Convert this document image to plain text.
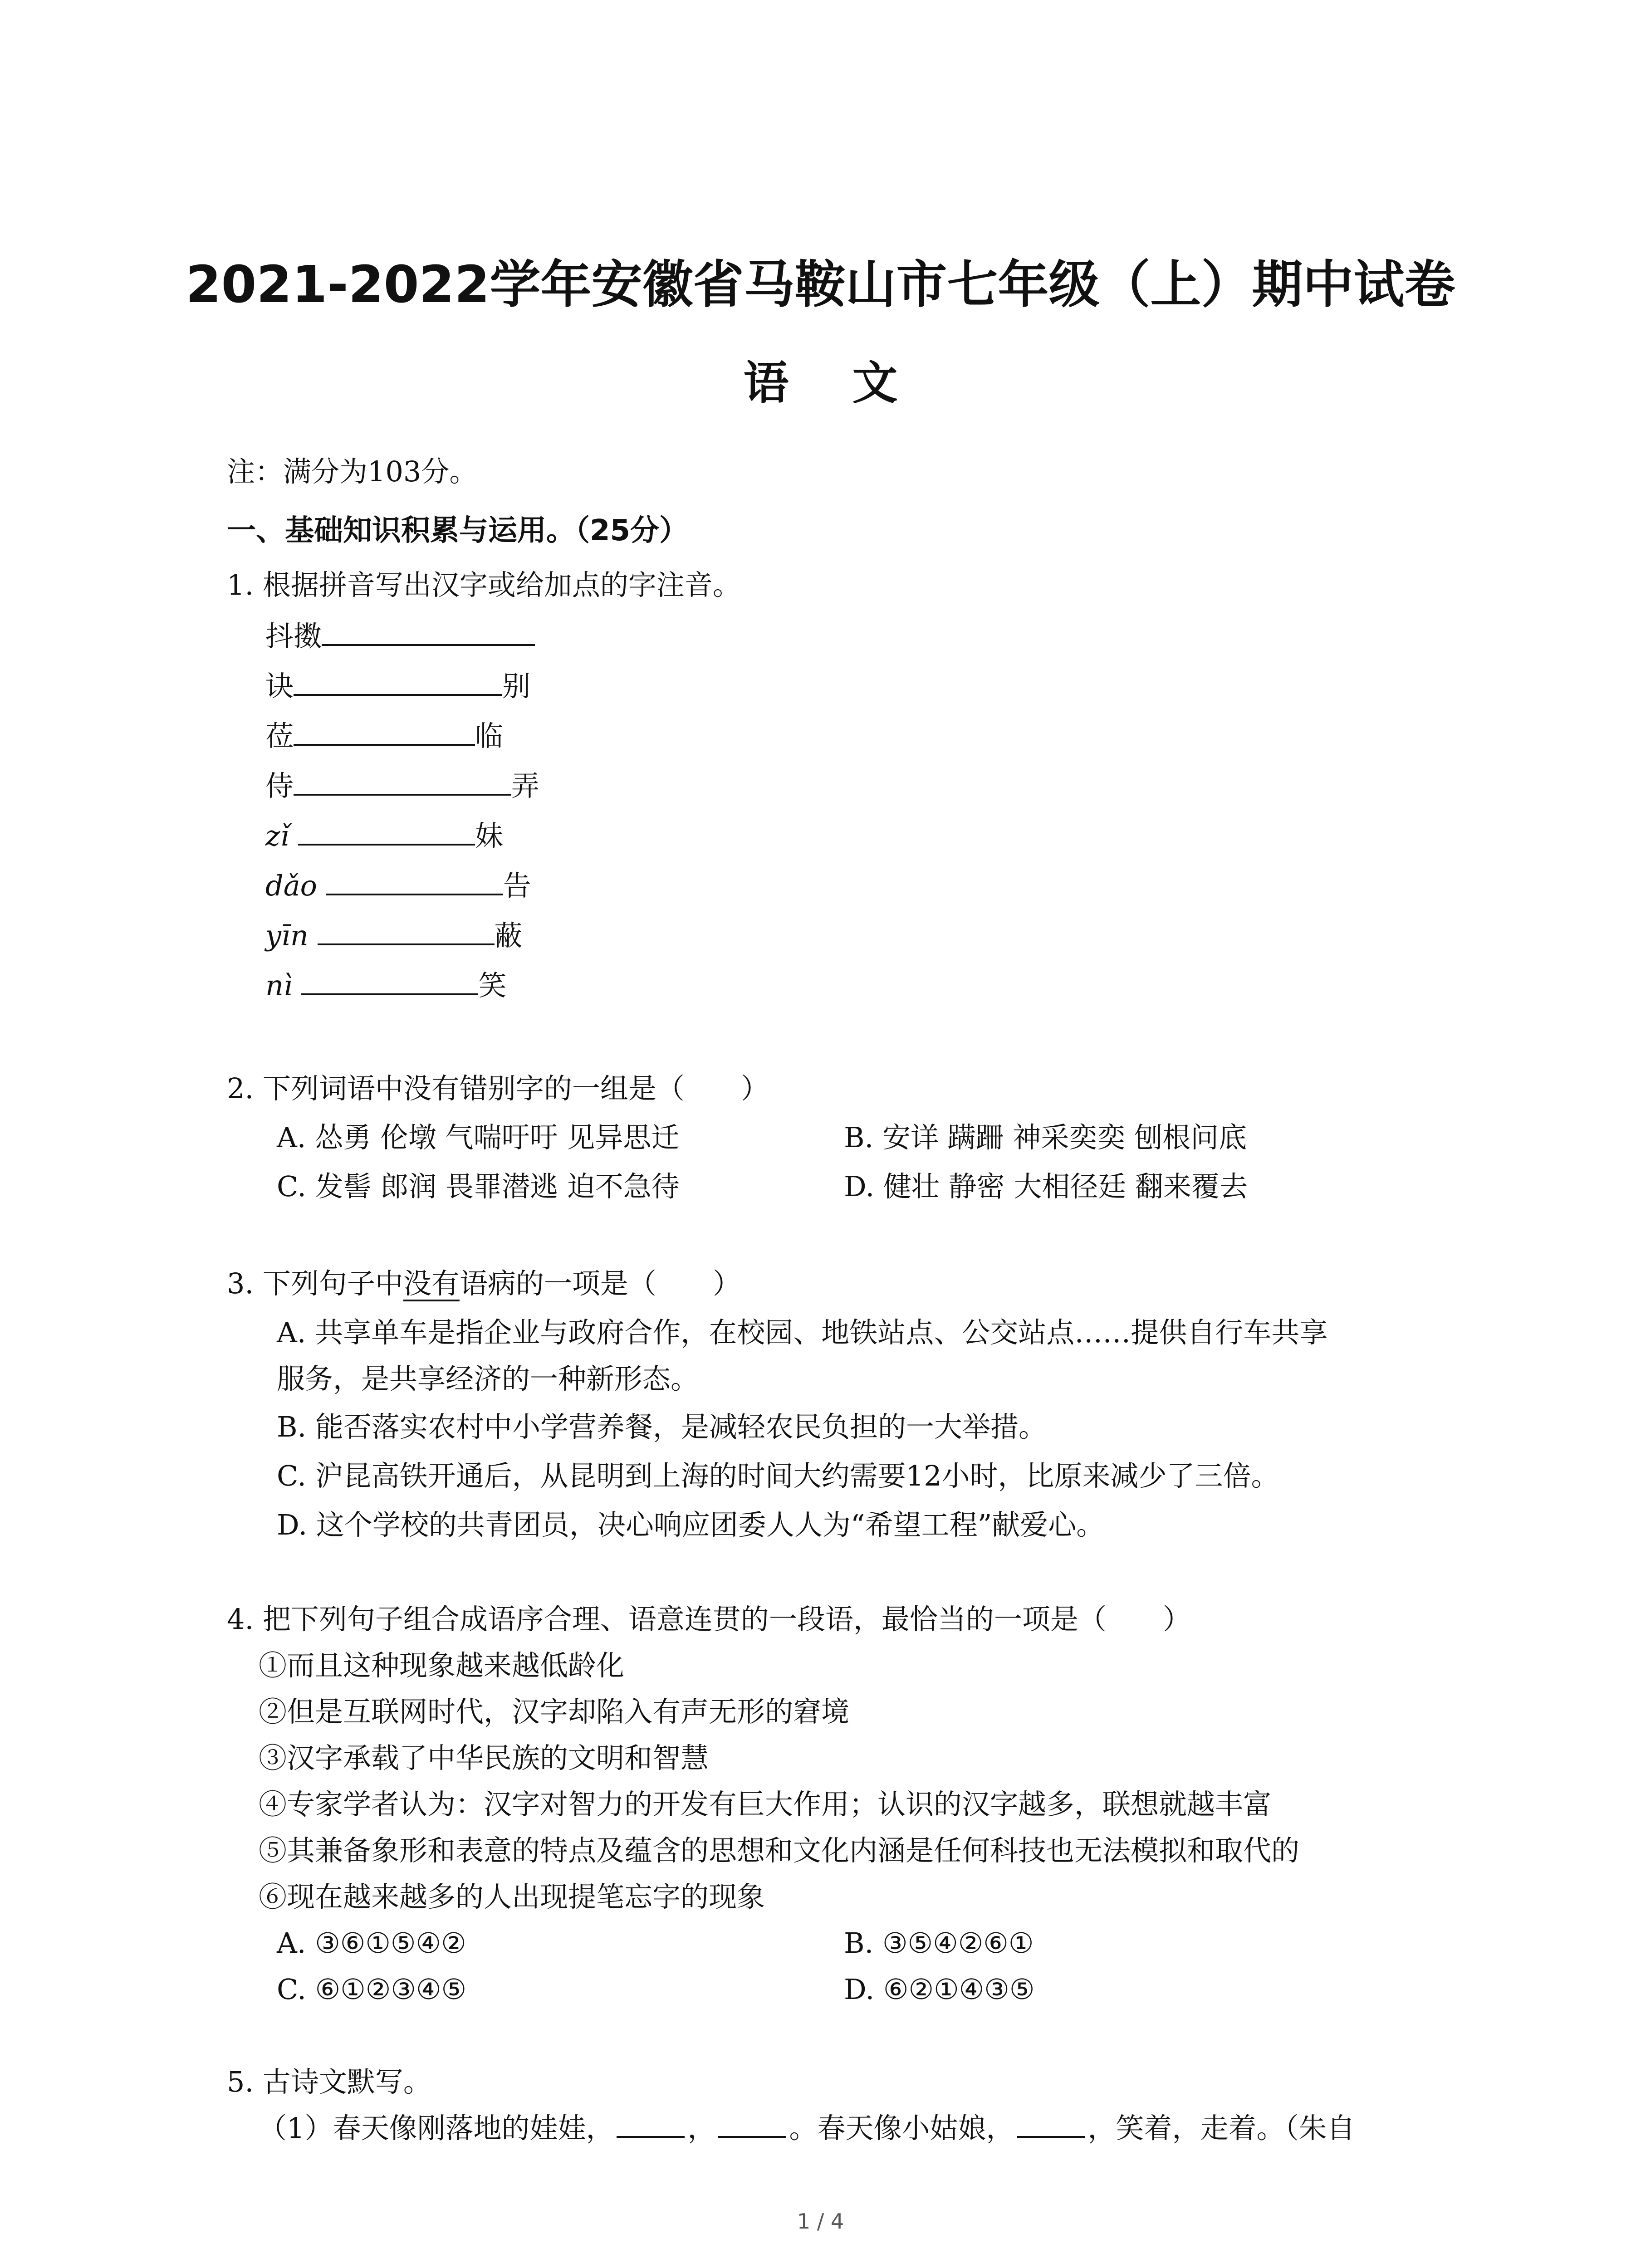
2021-2022学年安徽省马鞍山市七年级（上）期中试卷
语文
注：满分为103分。
一、基础知识积累与运用。（25分）
1. 根据拼音写出汉字或给加点的字注音。
抖擞
诀	别
莅	临
侍	弄
zǐ	妹
dǎo	告
yīn	蔽
nì	笑
2. 下列词语中没有错别字的一组是（　　）
A. 怂勇 伦墩 气喘吁吁 见异思迁	B. 安详 蹒跚 神采奕奕 刨根问底
C. 发髻 郎润 畏罪潜逃 迫不急待	D. 健壮 静密 大相径廷 翻来覆去
3. 下列句子中没有语病的一项是（　　）
A. 共享单车是指企业与政府合作，在校园、地铁站点、公交站点……提供自行车共享
服务，是共享经济的一种新形态。
B. 能否落实农村中小学营养餐，是减轻农民负担的一大举措。
C. 沪昆高铁开通后，从昆明到上海的时间大约需要12小时，比原来减少了三倍。
D. 这个学校的共青团员，决心响应团委人人为“希望工程”献爱心。
4. 把下列句子组合成语序合理、语意连贯的一段语，最恰当的一项是（　　）
①而且这种现象越来越低龄化
②但是互联网时代，汉字却陷入有声无形的窘境
③汉字承载了中华民族的文明和智慧
④专家学者认为：汉字对智力的开发有巨大作用；认识的汉字越多，联想就越丰富
⑤其兼备象形和表意的特点及蕴含的思想和文化内涵是任何科技也无法模拟和取代的
⑥现在越来越多的人出现提笔忘字的现象
A. ③⑥①⑤④②	B. ③⑤④②⑥①
C. ⑥①②③④⑤	D. ⑥②①④③⑤
5. 古诗文默写。
（1）春天像刚落地的娃娃，	，	。春天像小姑娘，	，笑着，走着。（朱自
1 / 4
